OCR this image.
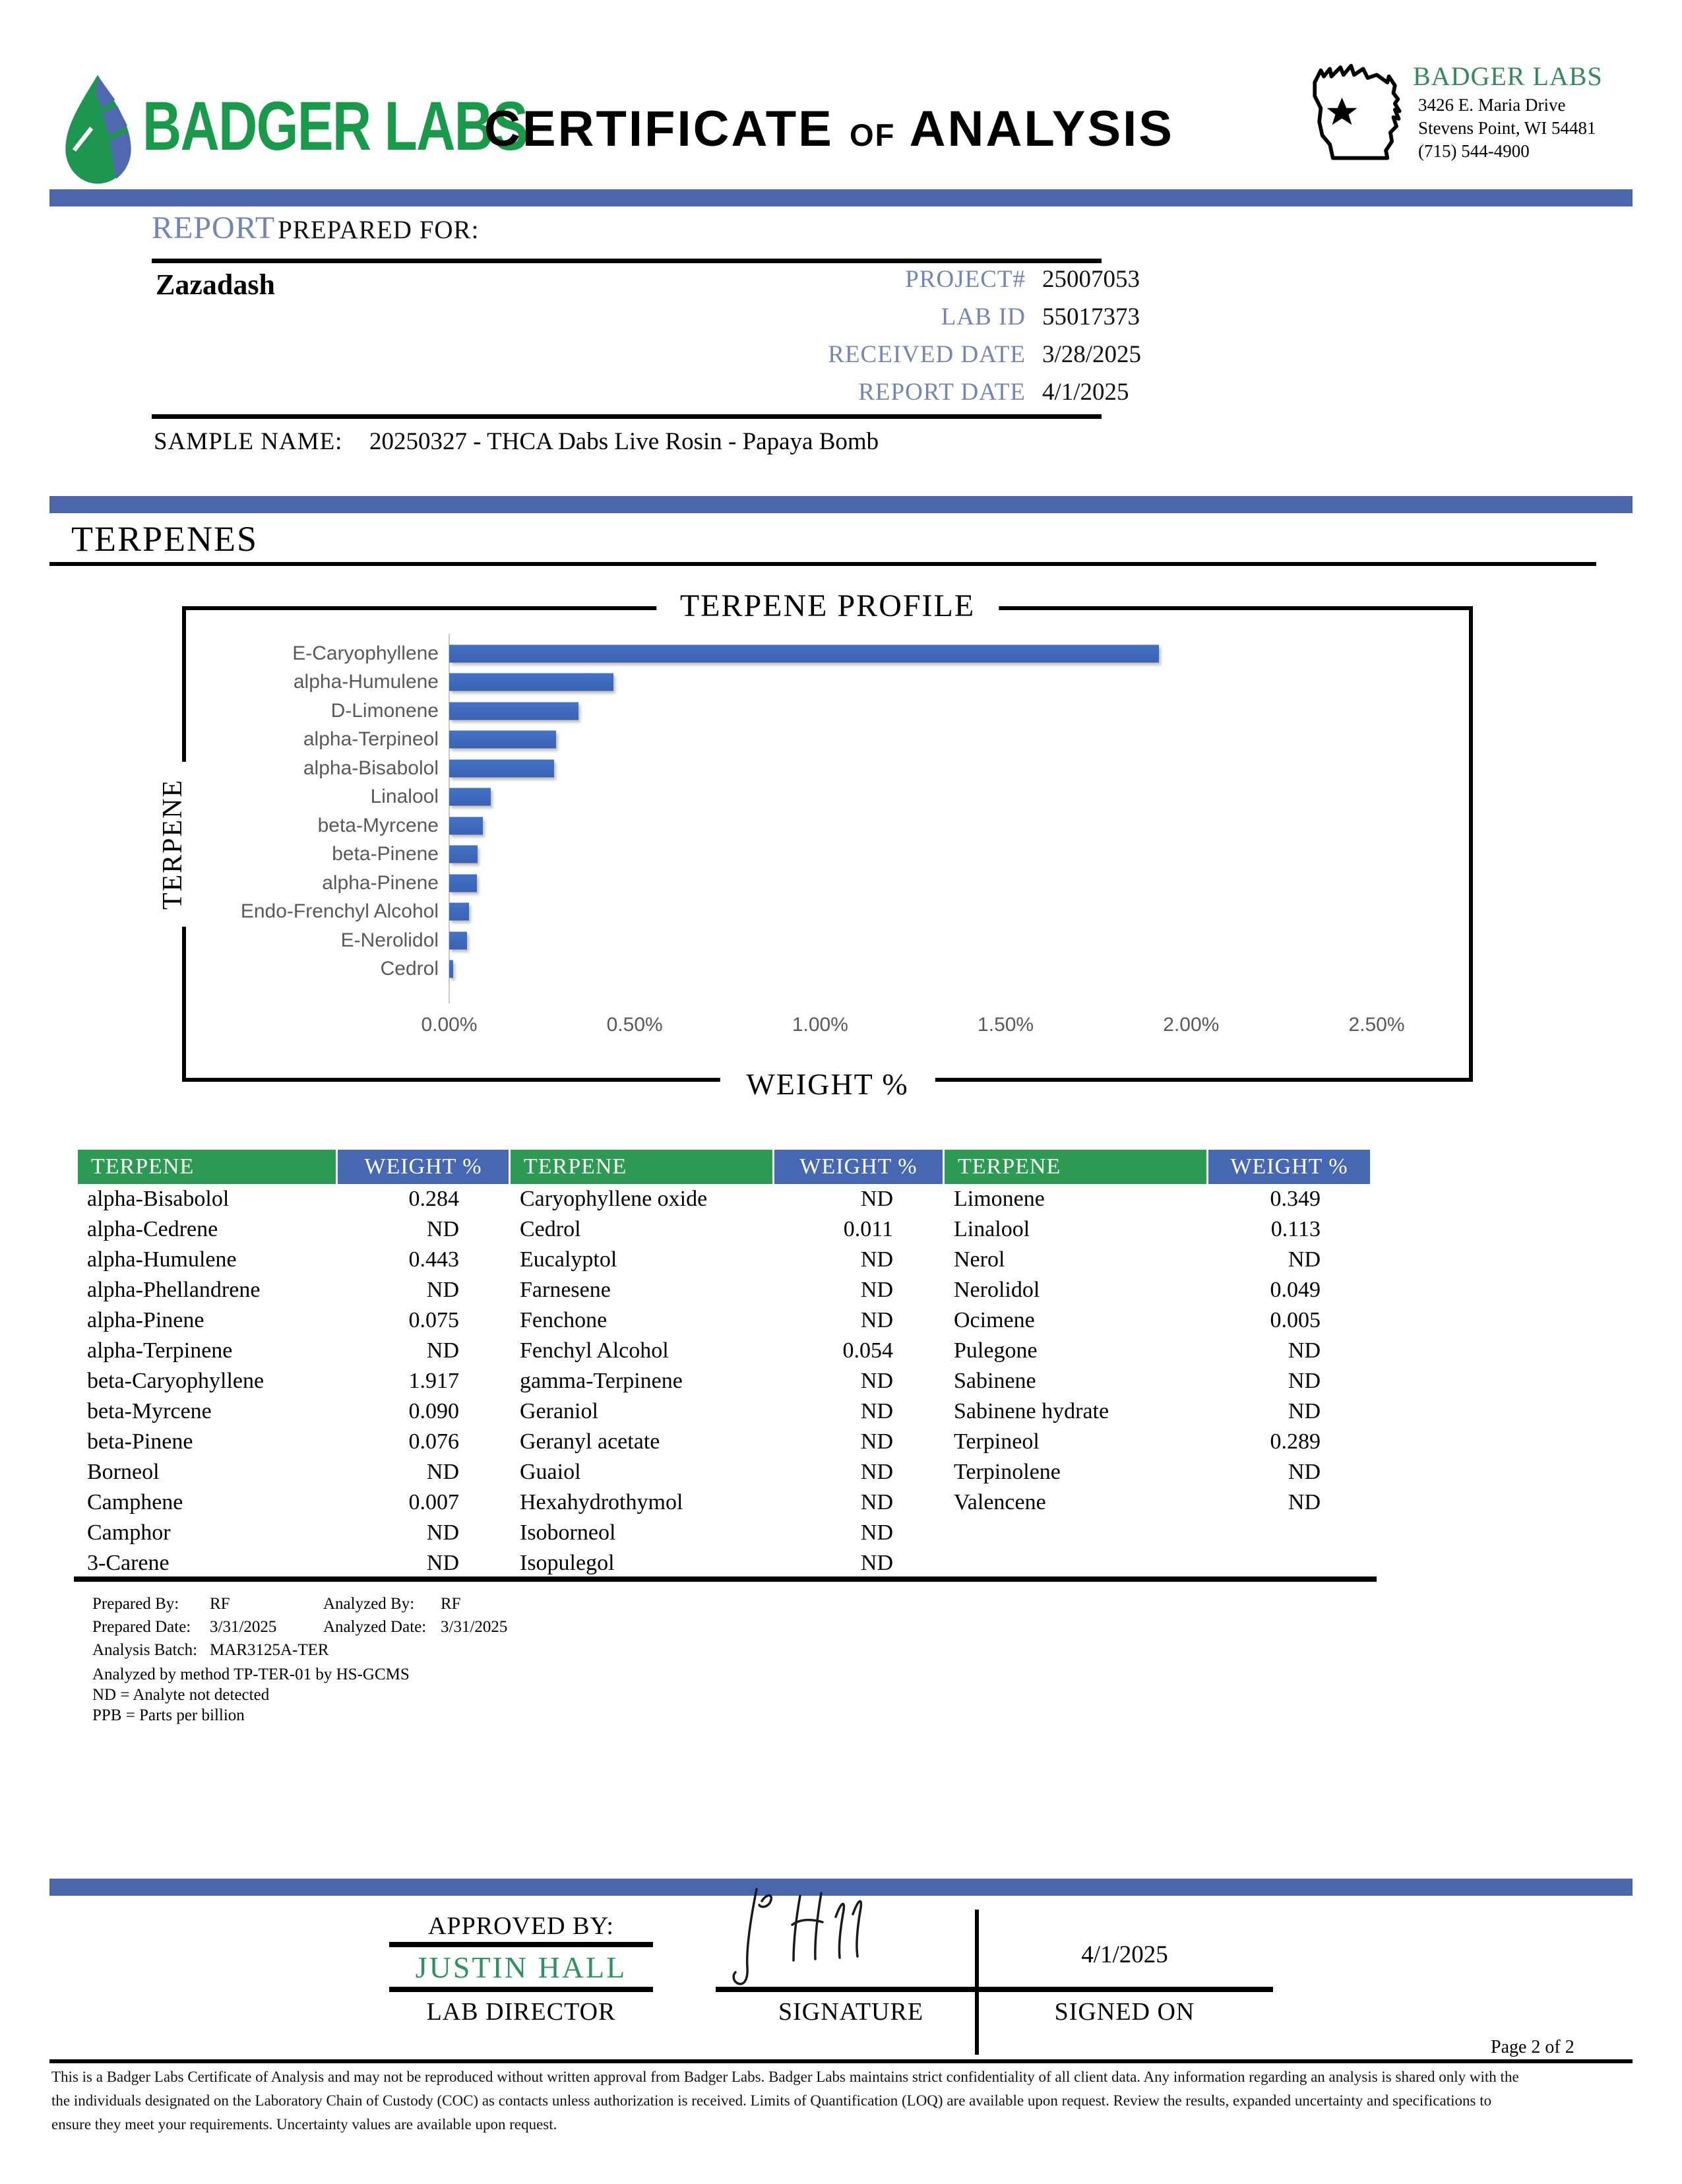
BADGER LABS
CERTIFICATE OF ANALYSIS
BADGER LABS
3426 E. Maria Drive
Stevens Point, WI 54481
(715) 544-4900
REPORT PREPARED FOR:
Zazadash	PROJECT# 25007053
LAB ID 55017373
RECEIVED DATE 3/28/2025
REPORT DATE 4/1/2025
SAMPLE NAME: 20250327 - THCA Dabs Live Rosin - Papaya Bomb
TERPENES
TERPENE PROFILE
TERPENE
E-Caryophyllene
alpha-Humulene
D-Limonene
alpha-Terpineol
alpha-Bisabolol
Linalool
beta-Myrcene
beta-Pinene
alpha-Pinene
Endo-Frenchyl Alcohol
E-Nerolidol
Cedrol
0.00%	0.50%	1.00%	1.50%	2.00%	2.50%
WEIGHT %
TERPENE	WEIGHT %	TERPENE	WEIGHT %	TERPENE	WEIGHT %
alpha-Bisabolol	0.284	Caryophyllene oxide	ND	Limonene	0.349
alpha-Cedrene	ND	Cedrol	0.011	Linalool	0.113
alpha-Humulene	0.443	Eucalyptol	ND	Nerol	ND
alpha-Phellandrene	ND	Farnesene	ND	Nerolidol	0.049
alpha-Pinene	0.075	Fenchone	ND	Ocimene	0.005
alpha-Terpinene	ND	Fenchyl Alcohol	0.054	Pulegone	ND
beta-Caryophyllene	1.917	gamma-Terpinene	ND	Sabinene	ND
beta-Myrcene	0.090	Geraniol	ND	Sabinene hydrate	ND
beta-Pinene	0.076	Geranyl acetate	ND	Terpineol	0.289
Borneol	ND	Guaiol	ND	Terpinolene	ND
Camphene	0.007	Hexahydrothymol	ND	Valencene	ND
Camphor	ND	Isoborneol	ND
3-Carene	ND	Isopulegol	ND
Prepared By: RF	Analyzed By: RF
Prepared Date: 3/31/2025	Analyzed Date: 3/31/2025
Analysis Batch: MAR3125A-TER
Analyzed by method TP-TER-01 by HS-GCMS
ND = Analyte not detected
PPB = Parts per billion
APPROVED BY:
JUSTIN HALL
LAB DIRECTOR	SIGNATURE
4/1/2025
SIGNED ON
Page 2 of 2
This is a Badger Labs Certificate of Analysis and may not be reproduced without written approval from Badger Labs. Badger Labs maintains strict confidentiality of all client data. Any information regarding an analysis is shared only with the
the individuals designated on the Laboratory Chain of Custody (COC) as contacts unless authorization is received. Limits of Quantification (LOQ) are available upon request. Review the results, expanded uncertainty and specifications to
ensure they meet your requirements. Uncertainty values are available upon request.
